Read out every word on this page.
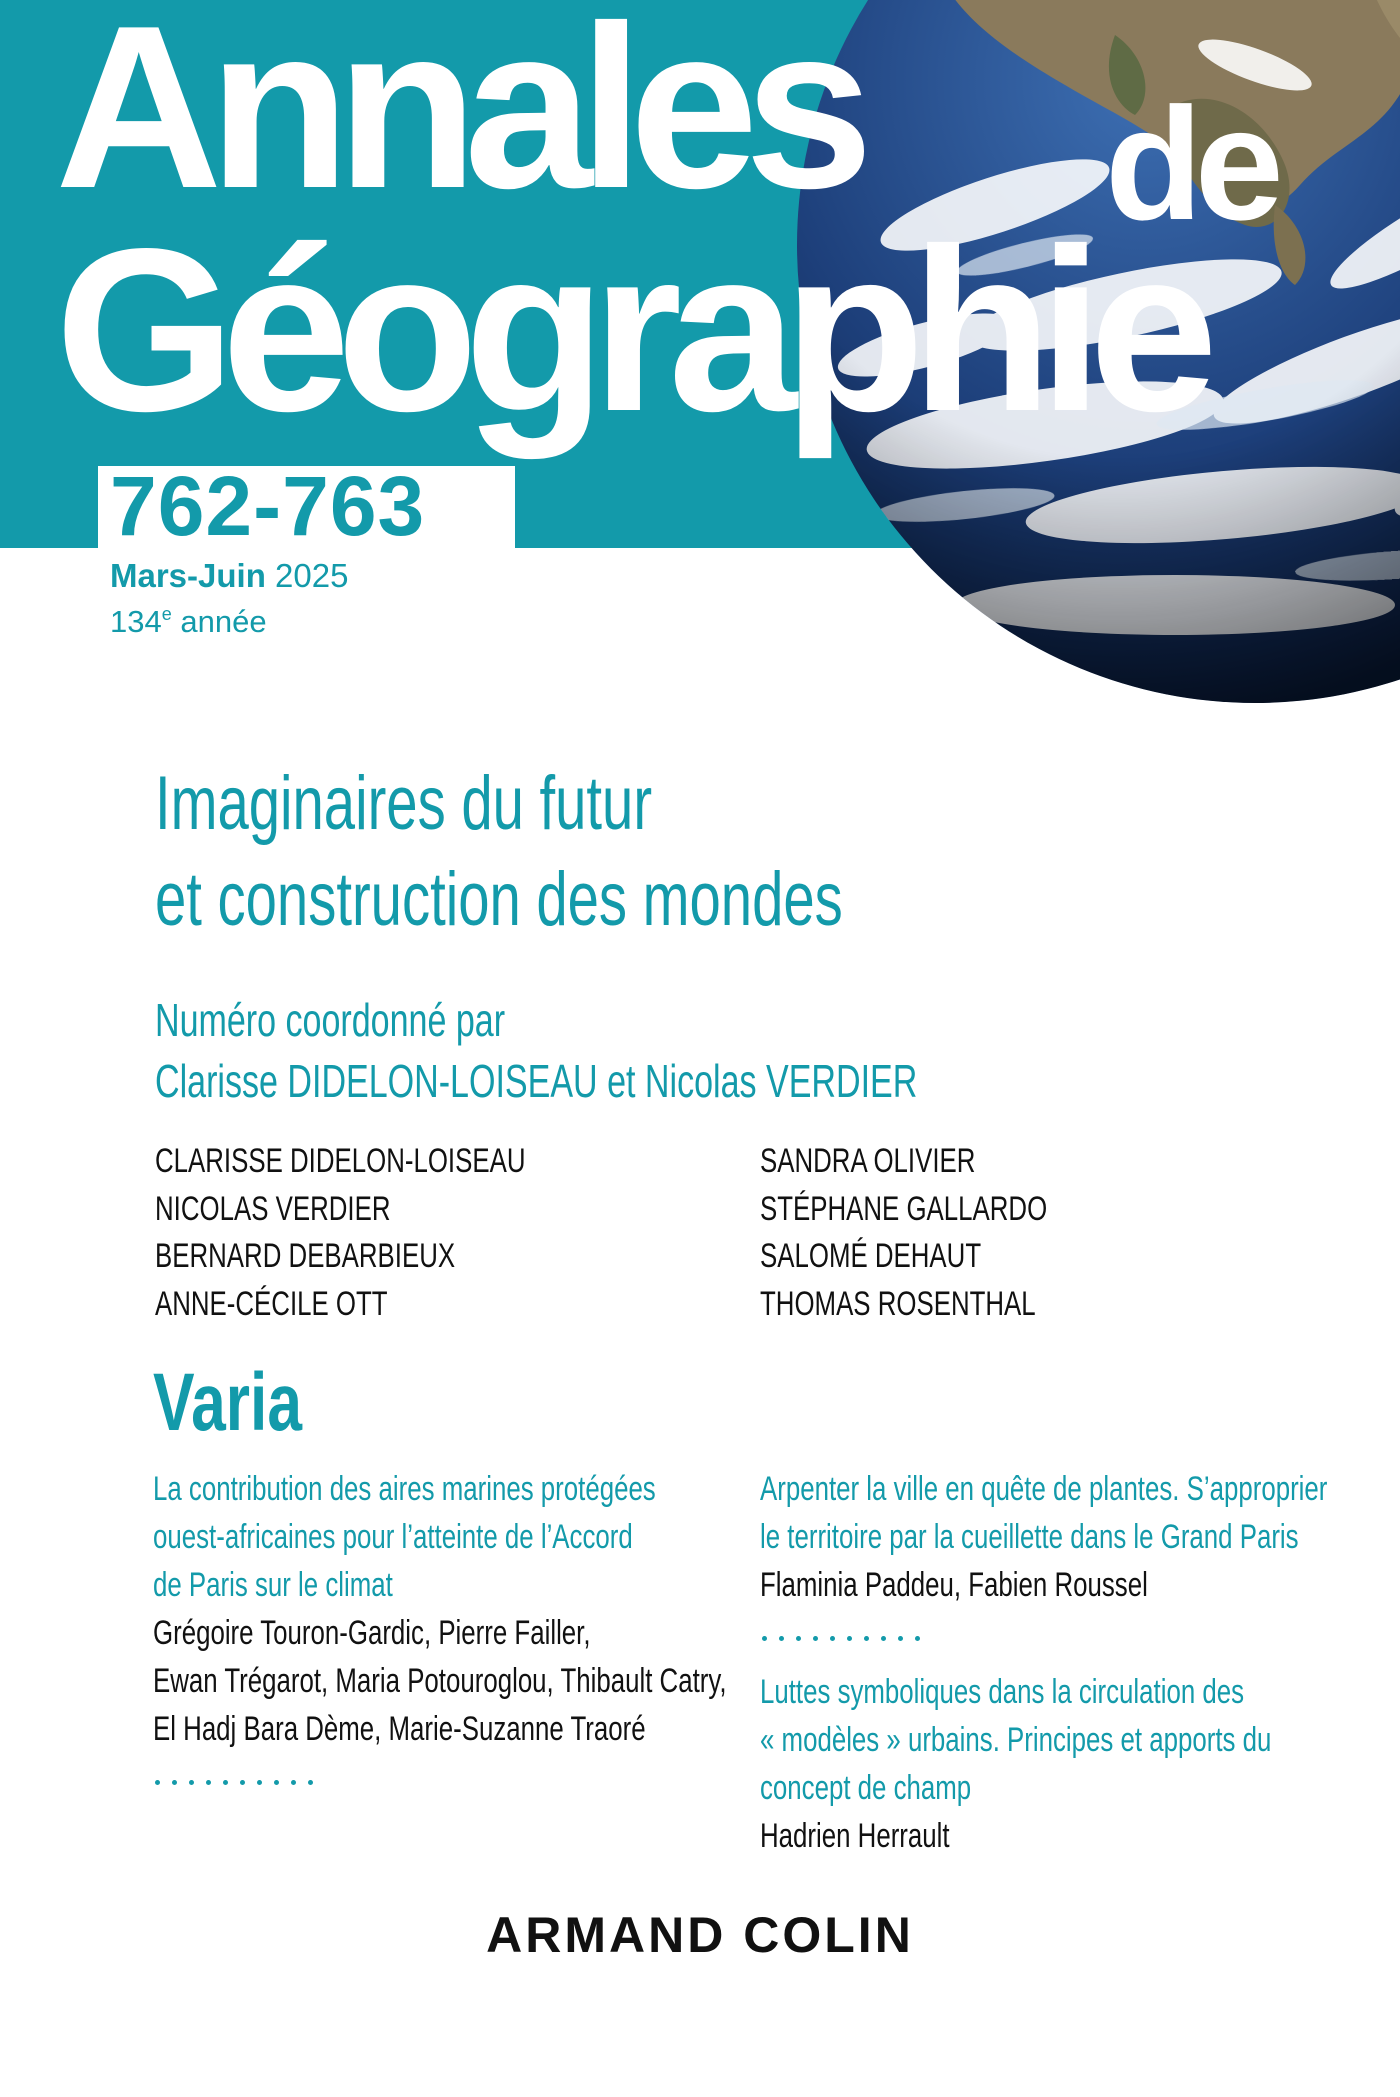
Annales de
Géographie
762-763
Mars-Juin 2025
134e année
Imaginaires du futur
et construction des mondes
Numéro coordonné par
Clarisse DIDELON-LOISEAU et Nicolas VERDIER
CLARISSE DIDELON-LOISEAU
NICOLAS VERDIER
BERNARD DEBARBIEUX
ANNE-CÉCILE OTT
SANDRA OLIVIER
STÉPHANE GALLARDO
SALOMÉ DEHAUT
THOMAS ROSENTHAL
Varia
La contribution des aires marines protégées
ouest-africaines pour l’atteinte de l’Accord
de Paris sur le climat
Grégoire Touron-Gardic, Pierre Failler,
Ewan Trégarot, Maria Potouroglou, Thibault Catry,
El Hadj Bara Dème, Marie-Suzanne Traoré
Arpenter la ville en quête de plantes. S’approprier
le territoire par la cueillette dans le Grand Paris
Flaminia Paddeu, Fabien Roussel
Luttes symboliques dans la circulation des
« modèles » urbains. Principes et apports du
concept de champ
Hadrien Herrault
ARMAND COLIN
